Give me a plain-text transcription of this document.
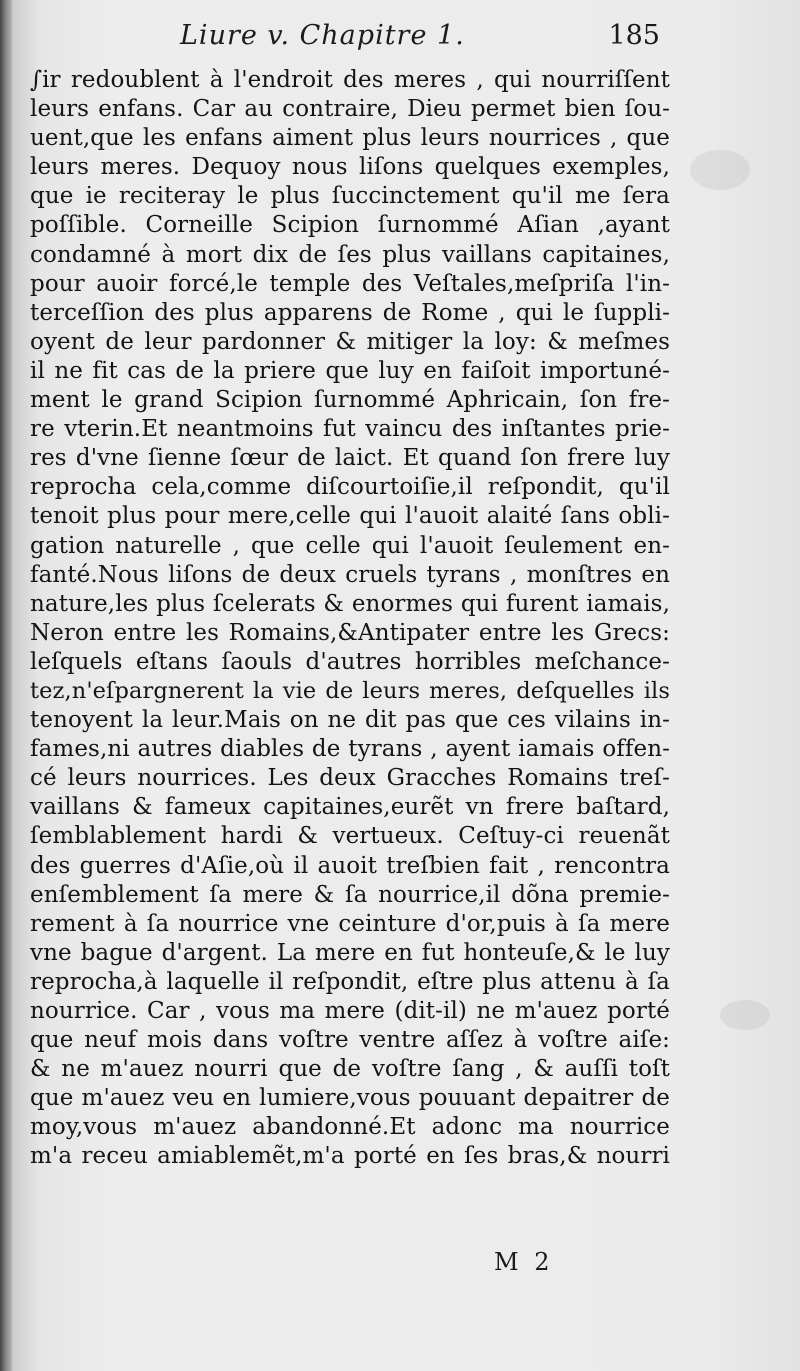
Liure v. Chapitre 1.	185
∫ir redoublent à l'endroit des meres , qui nourriſſent
leurs enfans. Car au contraire, Dieu permet bien ſou-
uent,que les enfans aiment plus leurs nourrices , que
leurs meres. Dequoy nous liſons quelques exemples,
que ie reciteray le plus ſuccinctement qu'il me ſera
poſſible. Corneille Scipion ſurnommé Aſian ,ayant
condamné à mort dix de ſes plus vaillans capitaines,
pour auoir forcé,le temple des Veſtales,meſpriſa l'in-
terceſſion des plus apparens de Rome , qui le ſuppli-
oyent de leur pardonner & mitiger la loy: & meſmes
il ne fit cas de la priere que luy en faiſoit importuné-
ment le grand Scipion ſurnommé Aphricain, ſon fre-
re vterin.Et neantmoins fut vaincu des inſtantes prie-
res d'vne ſienne ſœur de laict. Et quand ſon frere luy
reprocha cela,comme diſcourtoiſie,il reſpondit, qu'il
tenoit plus pour mere,celle qui l'auoit alaité ſans obli-
gation naturelle , que celle qui l'auoit ſeulement en-
fanté.Nous liſons de deux cruels tyrans , monſtres en
nature,les plus ſcelerats & enormes qui furent iamais,
Neron entre les Romains,&Antipater entre les Grecs:
leſquels eſtans ſaouls d'autres horribles meſchance-
tez,n'eſpargnerent la vie de leurs meres, deſquelles ils
tenoyent la leur.Mais on ne dit pas que ces vilains in-
fames,ni autres diables de tyrans , ayent iamais offen-
cé leurs nourrices. Les deux Gracches Romains treſ-
vaillans & fameux capitaines,eurẽt vn frere baſtard,
ſemblablement hardi & vertueux. Ceſtuy-ci reuenãt
des guerres d'Aſie,où il auoit treſbien fait , rencontra
enſemblement ſa mere & ſa nourrice,il dõna premie-
rement à ſa nourrice vne ceinture d'or,puis à ſa mere
vne bague d'argent. La mere en fut honteuſe,& le luy
reprocha,à laquelle il reſpondit, eſtre plus attenu à ſa
nourrice. Car , vous ma mere (dit-il) ne m'auez porté
que neuf mois dans voſtre ventre aſſez à voſtre aiſe:
& ne m'auez nourri que de voſtre ſang , & auſſi toſt
que m'auez veu en lumiere,vous pouuant depaitrer de
moy,vous m'auez abandonné.Et adonc ma nourrice
m'a receu amiablemẽt,m'a porté en ſes bras,& nourri
M 2
